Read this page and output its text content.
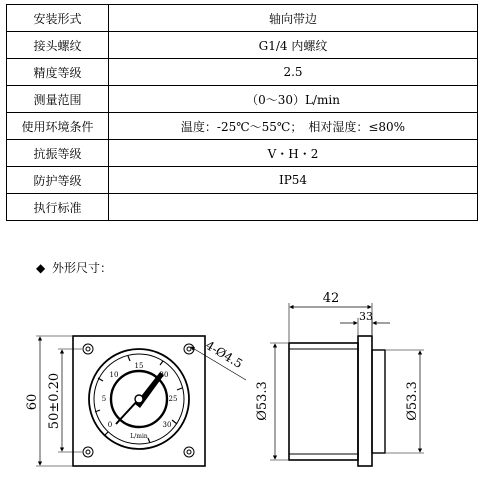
安装形式	轴向带边
接头螺纹	G1/4 内螺纹
精度等级	2.5
测量范围	（0～30）L/min
使用环境条件	温度：-25℃～55℃；　相对湿度：≤80%
抗振等级	V・H・2
防护等级	IP54
执行标准	
◆ 外形尺寸：
0
5
10
15
20
25
30
L/min
60 50±0.20
4-Ø4.5
42
33
Ø53.3	Ø53.3
